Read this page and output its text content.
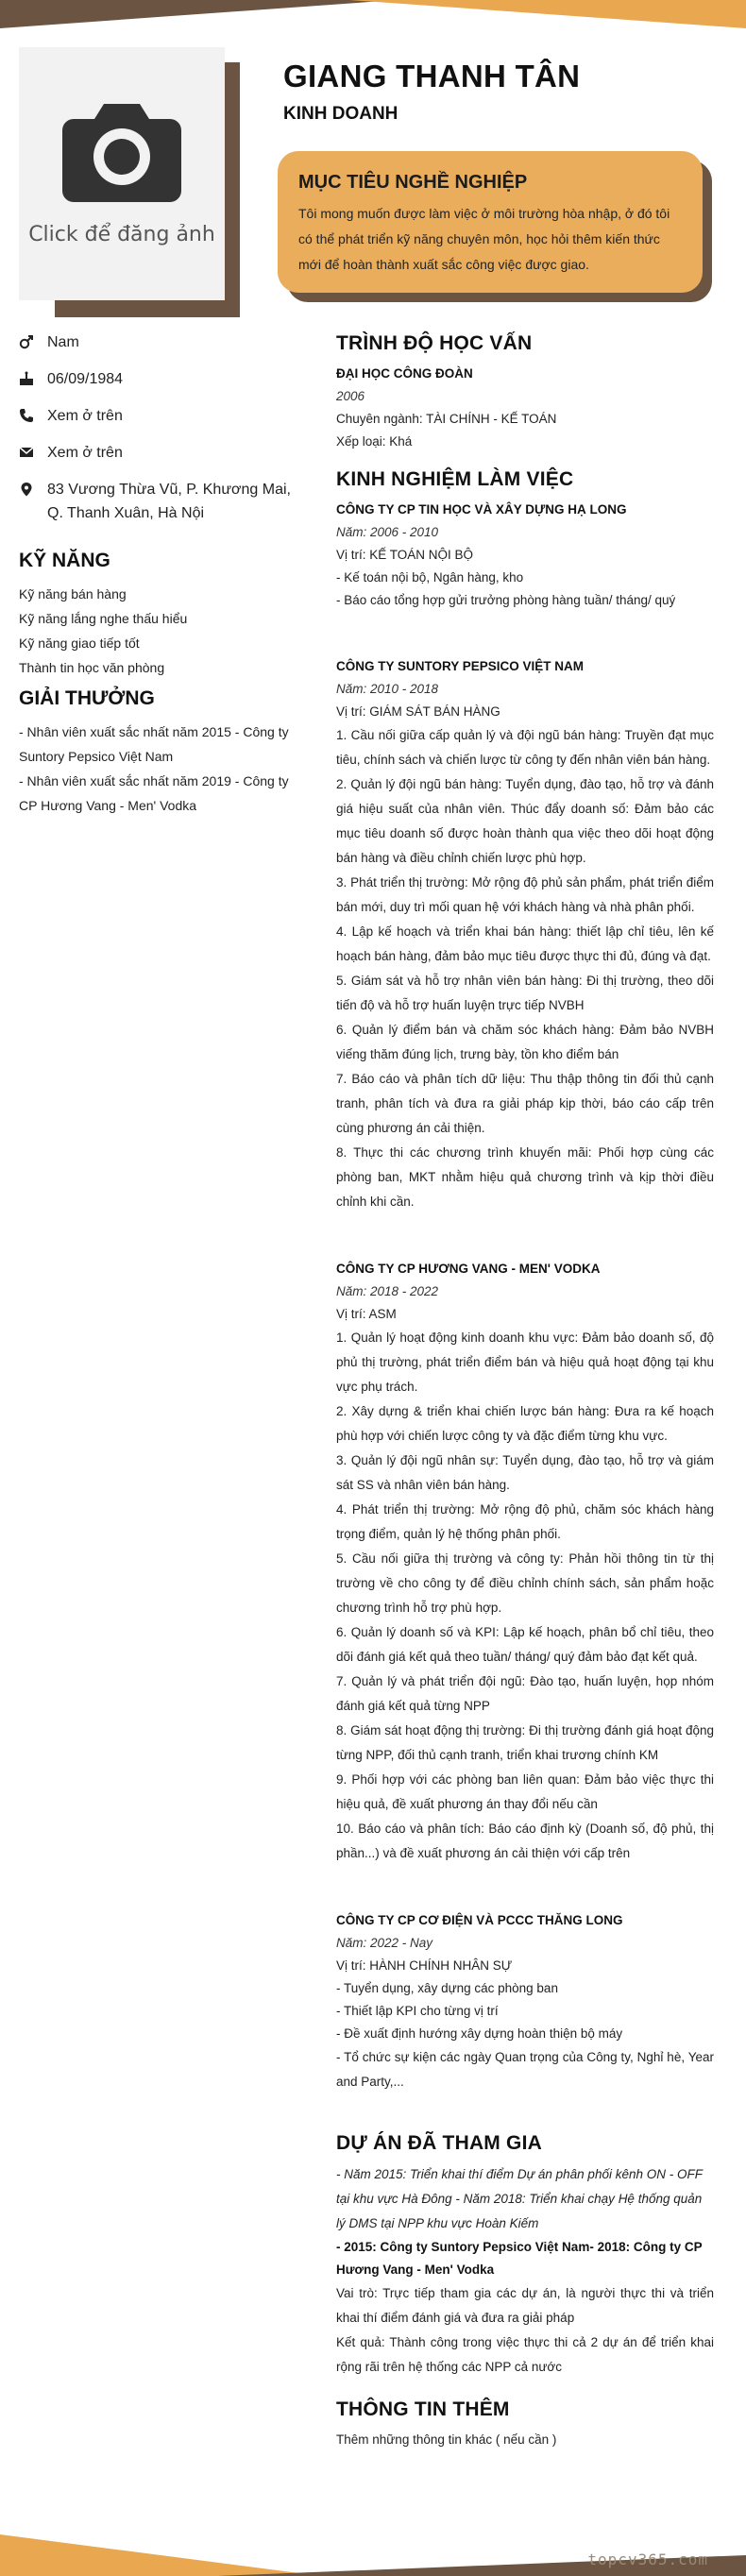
Click để đăng ảnh
GIANG THANH TÂN
KINH DOANH
MỤC TIÊU NGHỀ NGHIỆP
Tôi mong muốn được làm việc ở môi trường hòa nhập, ở đó tôi có thể phát triển kỹ năng chuyên môn, học hỏi thêm kiến thức mới để hoàn thành xuất sắc công việc được giao.
Nam
06/09/1984
Xem ở trên
Xem ở trên
83 Vương Thừa Vũ, P. Khương Mai, Q. Thanh Xuân, Hà Nội
KỸ NĂNG
Kỹ năng bán hàng
Kỹ năng lắng nghe thấu hiểu
Kỹ năng giao tiếp tốt
Thành tin học văn phòng
GIẢI THƯỞNG
- Nhân viên xuất sắc nhất năm 2015 - Công ty Suntory Pepsico Việt Nam
- Nhân viên xuất sắc nhất năm 2019 - Công ty CP Hương Vang - Men' Vodka
TRÌNH ĐỘ HỌC VẤN
ĐẠI HỌC CÔNG ĐOÀN
2006
Chuyên ngành: TÀI CHÍNH - KẾ TOÁN
Xếp loại: Khá
KINH NGHIỆM LÀM VIỆC
CÔNG TY CP TIN HỌC VÀ XÂY DỰNG HẠ LONG
Năm: 2006 - 2010
Vị trí: KẾ TOÁN NỘI BỘ
- Kế toán nội bộ, Ngân hàng, kho
- Báo cáo tổng hợp gửi trưởng phòng hàng tuần/ tháng/ quý
CÔNG TY SUNTORY PEPSICO VIỆT NAM
Năm: 2010 - 2018
Vị trí: GIÁM SÁT BÁN HÀNG
1. Cầu nối giữa cấp quản lý và đội ngũ bán hàng: Truyền đạt mục tiêu, chính sách và chiến lược từ công ty đến nhân viên bán hàng.
2. Quản lý đội ngũ bán hàng: Tuyển dụng, đào tạo, hỗ trợ và đánh giá hiệu suất của nhân viên. Thúc đẩy doanh số: Đảm bảo các mục tiêu doanh số được hoàn thành qua việc theo dõi hoạt động bán hàng và điều chỉnh chiến lược phù hợp.
3. Phát triển thị trường: Mở rộng độ phủ sản phẩm, phát triển điểm bán mới, duy trì mối quan hệ với khách hàng và nhà phân phối.
4. Lập kế hoạch và triển khai bán hàng: thiết lập chỉ tiêu, lên kế hoạch bán hàng, đảm bảo mục tiêu được thực thi đủ, đúng và đạt.
5. Giám sát và hỗ trợ nhân viên bán hàng: Đi thị trường, theo dõi tiến độ và hỗ trợ huấn luyện trực tiếp NVBH
6. Quản lý điểm bán và chăm sóc khách hàng: Đảm bảo NVBH viếng thăm đúng lịch, trưng bày, tồn kho điểm bán
7. Báo cáo và phân tích dữ liệu: Thu thập thông tin đối thủ cạnh tranh, phân tích và đưa ra giải pháp kịp thời, báo cáo cấp trên cùng phương án cải thiện.
8. Thực thi các chương trình khuyến mãi: Phối hợp cùng các phòng ban, MKT nhằm hiệu quả chương trình và kịp thời điều chỉnh khi cần.
CÔNG TY CP HƯƠNG VANG - MEN' VODKA
Năm: 2018 - 2022
Vị trí: ASM
1. Quản lý hoạt động kinh doanh khu vực: Đảm bảo doanh số, độ phủ thị trường, phát triển điểm bán và hiệu quả hoạt động tại khu vực phụ trách.
2. Xây dựng & triển khai chiến lược bán hàng: Đưa ra kế hoạch phù hợp với chiến lược công ty và đặc điểm từng khu vực.
3. Quản lý đội ngũ nhân sự: Tuyển dụng, đào tạo, hỗ trợ và giám sát SS và nhân viên bán hàng.
4. Phát triển thị trường: Mở rộng độ phủ, chăm sóc khách hàng trọng điểm, quản lý hệ thống phân phối.
5. Cầu nối giữa thị trường và công ty: Phản hồi thông tin từ thị trường về cho công ty để điều chỉnh chính sách, sản phẩm hoặc chương trình hỗ trợ phù hợp.
6. Quản lý doanh số và KPI: Lập kế hoạch, phân bổ chỉ tiêu, theo dõi đánh giá kết quả theo tuần/ tháng/ quý đảm bảo đạt kết quả.
7. Quản lý và phát triển đội ngũ: Đào tạo, huấn luyện, họp nhóm đánh giá kết quả từng NPP
8. Giám sát hoạt động thị trường: Đi thị trường đánh giá hoạt động từng NPP, đối thủ cạnh tranh, triển khai trương chính KM
9. Phối hợp với các phòng ban liên quan: Đảm bảo việc thực thi hiệu quả, đề xuất phương án thay đổi nếu cần
10. Báo cáo và phân tích: Báo cáo định kỳ (Doanh số, độ phủ, thị phần...) và đề xuất phương án cải thiện với cấp trên
CÔNG TY CP CƠ ĐIỆN VÀ PCCC THĂNG LONG
Năm: 2022 - Nay
Vị trí: HÀNH CHÍNH NHÂN SỰ
- Tuyển dụng, xây dựng các phòng ban
- Thiết lập KPI cho từng vị trí
- Đề xuất định hướng xây dựng hoàn thiện bộ máy
- Tổ chức sự kiện các ngày Quan trọng của Công ty, Nghỉ hè, Year and Party,...
DỰ ÁN ĐÃ THAM GIA
- Năm 2015: Triển khai thí điểm Dự án phân phối kênh ON - OFF tại khu vực Hà Đông - Năm 2018: Triển khai chạy Hệ thống quản lý DMS tại NPP khu vực Hoàn Kiếm
- 2015: Công ty Suntory Pepsico Việt Nam- 2018: Công ty CP Hương Vang - Men' Vodka
Vai trò: Trực tiếp tham gia các dự án, là người thực thi và triển khai thí điểm đánh giá và đưa ra giải pháp
Kết quả: Thành công trong việc thực thi cả 2 dự án để triển khai rộng rãi trên hệ thống các NPP cả nước
THÔNG TIN THÊM
Thêm những thông tin khác ( nếu cần )
topcv365.com
